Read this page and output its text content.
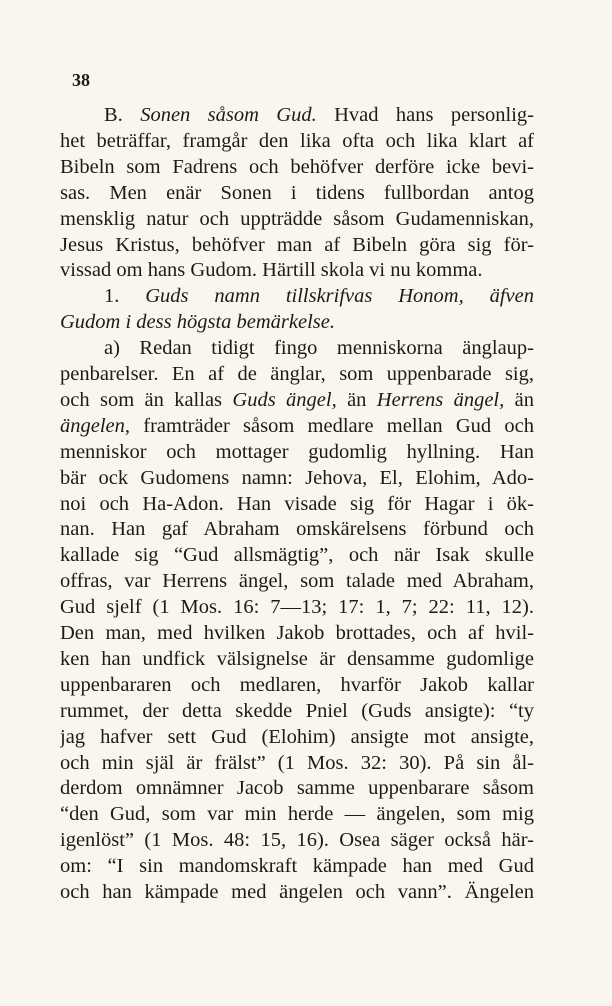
38

B. Sonen såsom Gud. Hvad hans personlig-

het beträffar, framgår den lika ofta och lika klart af

Bibeln som Fadrens och behöfver derföre icke bevi-

sas. Men enär Sonen i tidens fullbordan antog

mensklig natur och uppträdde såsom Gudamenniskan,

Jesus Kristus, behöfver man af Bibeln göra sig för-

vissad om hans Gudom. Härtill skola vi nu komma.

1. Guds namn tillskrifvas Honom, äfven

Gudom i dess högsta bemärkelse.

a) Redan tidigt fingo menniskorna änglaup-

penbarelser. En af de änglar, som uppenbarade sig,

och som än kallas Guds ängel, än Herrens ängel, än

ängelen, framträder såsom medlare mellan Gud och

menniskor och mottager gudomlig hyllning. Han

bär ock Gudomens namn: Jehova, El, Elohim, Ado-

noi och Ha-Adon. Han visade sig för Hagar i ök-

nan. Han gaf Abraham omskärelsens förbund och

kallade sig “Gud allsmägtig”, och när Isak skulle

offras, var Herrens ängel, som talade med Abraham,

Gud sjelf (1 Mos. 16: 7—13; 17: 1, 7; 22: 11, 12).

Den man, med hvilken Jakob brottades, och af hvil-

ken han undfick välsignelse är densamme gudomlige

uppenbararen och medlaren, hvarför Jakob kallar

rummet, der detta skedde Pniel (Guds ansigte): “ty

jag hafver sett Gud (Elohim) ansigte mot ansigte,

och min själ är frälst” (1 Mos. 32: 30). På sin ål-

derdom omnämner Jacob samme uppenbarare såsom

“den Gud, som var min herde — ängelen, som mig

igenlöst” (1 Mos. 48: 15, 16). Osea säger också här-

om: “I sin mandomskraft kämpade han med Gud

och han kämpade med ängelen och vann”. Ängelen
